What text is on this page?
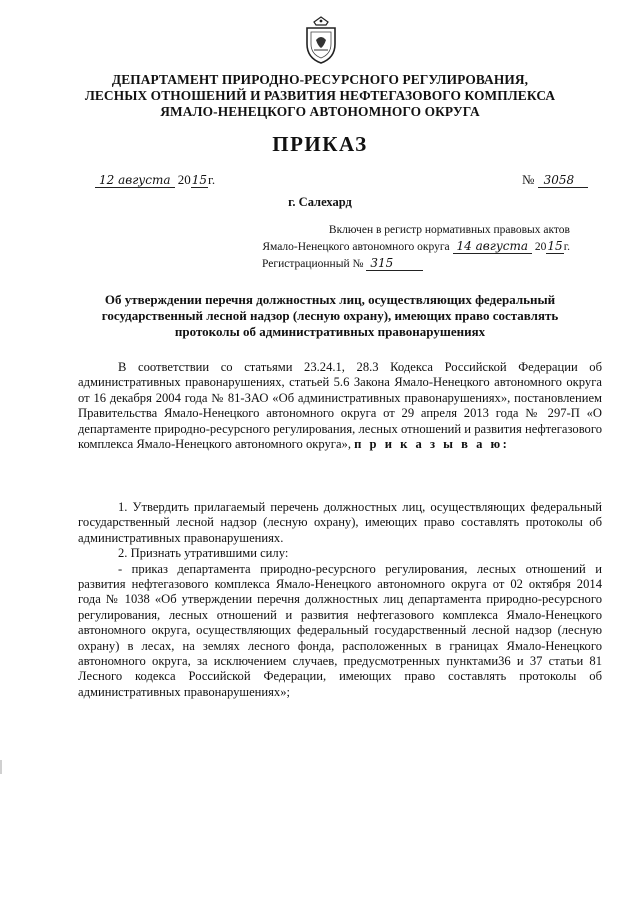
ДЕПАРТАМЕНТ ПРИРОДНО-РЕСУРСНОГО РЕГУЛИРОВАНИЯ,
ЛЕСНЫХ ОТНОШЕНИЙ И РАЗВИТИЯ НЕФТЕГАЗОВОГО КОМПЛЕКСА
ЯМАЛО-НЕНЕЦКОГО АВТОНОМНОГО ОКРУГА
ПРИКАЗ
12 августа 2015г.	№ 3058
г. Салехард
Включен в регистр нормативных правовых актов
Ямало-Ненецкого автономного округа 14 августа 2015г.
Регистрационный № 315
Об утверждении перечня должностных лиц, осуществляющих федеральный государственный лесной надзор (лесную охрану), имеющих право составлять протоколы об административных правонарушениях

В соответствии со статьями 23.24.1, 28.3 Кодекса Российской Федерации об административных правонарушениях, статьей 5.6 Закона Ямало-Ненецкого автономного округа от 16 декабря 2004 года № 81-ЗАО «Об административных правонарушениях», постановлением Правительства Ямало-Ненецкого автономного округа от 29 апреля 2013 года № 297-П «О департаменте природно-ресурсного регулирования, лесных отношений и развития нефтегазового комплекса Ямало-Ненецкого автономного округа», п р и к а з ы в а ю:

1. Утвердить прилагаемый перечень должностных лиц, осуществляющих федеральный государственный лесной надзор (лесную охрану), имеющих право составлять протоколы об административных правонарушениях.

2. Признать утратившими силу:

- приказ департамента природно-ресурсного регулирования, лесных отношений и развития нефтегазового комплекса Ямало-Ненецкого автономного округа от 02 октября 2014 года № 1038 «Об утверждении перечня должностных лиц департамента природно-ресурсного регулирования, лесных отношений и развития нефтегазового комплекса Ямало-Ненецкого автономного округа, осуществляющих федеральный государственный лесной надзор (лесную охрану) в лесах, на землях лесного фонда, расположенных в границах Ямало-Ненецкого автономного округа, за исключением случаев, предусмотренных пунктами36 и 37 статьи 81 Лесного кодекса Российской Федерации, имеющих право составлять протоколы об административных правонарушениях»;
